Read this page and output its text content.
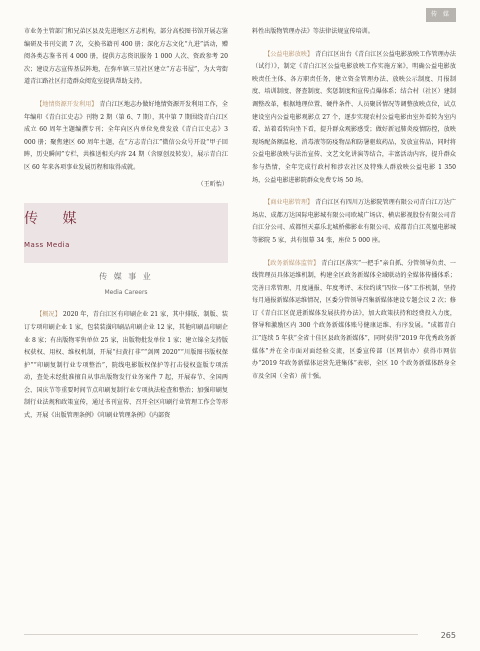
传 媒

市业务主管部门和兄弟区县及先进地区方志机构，部分高校图书馆开展志鉴编研及书刊交流 7 次，交换书籍刊 400 册；深化方志文化“九进”活动，赠阅各类志鉴书刊 4 000 册，提供方志资讯服务 1 000 人次、资政参考 20 次；建设方志宣传基层阵地，在弥牟镇三星社区建立“方志书屋”，为大弯街道青江路社区打造群众阅览室提供帮助支持。

【地情资源开发利用】 青白江区地志办做好地情资源开发利用工作，全年编印《青白江史志》刊物 2 期（第 6、7 期），其中第 7 期围绕青白江区成立 60 周年主题编撰专刊；全年向区内单位免费发放《青白江史志》3 000 册；聚焦建区 60 周年主题，在“方志青白江”微信公众号开设“甲子回眸，历史瞬间”专栏，共推送相关内容 24 期（含原创及转发），展示青白江区 60 年来各项事业发展历程和取得成就。

（王昕怡）
传 媒
Mass Media
传 媒 事 业
Media Careers

【概况】 2020 年，青白江区有印刷企业 21 家，其中排版、制版、装订专项印刷企业 1 家，包装装潢印刷品印刷企业 12 家，其他印刷品印刷企业 8 家；有出版物零售单位 25 家，出版物批发单位 1 家；建立锦全支持版权获权、用权、维权机制，开展“扫黄打非”“剑网 2020”“川版图书版权保护”“印刷复制行业专项整治”，院线电影版权保护等打击侵权盗版专项活动，查处未经批准擅自从事出版物发行业务案件 7 起，开展春节、全国两会、国庆节等重要时间节点印刷复制行业专项执法检查和整治；加强印刷复制行业法规和政策宣传，通过书刊宣传、召开全区印刷行业管理工作会等形式，开展《出版管理条例》《印刷业管理条例》《内部资

料性出版物管理办法》等法律法规宣传培训。

【公益电影放映】 青白江区出台《青白江区公益电影放映工作管理办法（试行）》，制定《青白江区公益电影放映工作实施方案》，明确公益电影放映责任主体、各方职责任务，建立资金管理办法、放映公示制度、月报制度、培训制度、督查制度、奖惩制度和宣传点爆体系；结合村（社区）建制调整改革，根据地理位置、硬件条件、人员聚居情况等调整放映点位，试点建设室内公益电影观影点 27 个，逐步实现农村公益电影由室外看转为室内看、站着看转向坐下看，提升群众观影感受；做好新冠肺炎疫情防控，放映现场配备额温枪、消毒液等防疫物品和防暑驱蚊药品，发放宣传品，同时将公益电影放映与法治宣传、文艺文化讲演等结合，丰富活动内容，提升群众参与热情，全年完成行政村和涉农社区及特殊人群放映公益电影 1 350 场，公益电影进影院群众免费专场 50 场。

【商业电影管理】 青白江区有四川万达影院管理有限公司青白江万达广场店、成都万达国际电影城有限公司欧城广场店、横店影视股份有限公司青白江分公司、成都恒天嘉乐北城桥佛影业有限公司、成都青白江英凰电影城等影院 5 家，共有银幕 34 张，座位 5 000 座。

【政务新媒体监管】 青白江区落实“一把手”亲自抓、分管领导负责、一线管理员具体运维机制，构建全区政务新媒体全域联动的全媒体传播体系；完善日常管理、月度通报、年度考评、末位约谈“四位一体”工作机制，坚持每月通报新媒体运维情况，区委分管领导召集新媒体建设专题会议 2 次；修订《青白江区促进新媒体发展扶持办法》，加大政策扶持和经费投入力度，督导和激励区内 300 个政务新媒体账号健康运维、有序发展。“成都青白江”连续 5 年获“全省十佳区县政务新媒体”，同时获得“2019 年优秀政务新媒体”并在全市面对面经验交流，区委宣传部（区网信办）获得市网信办“2019 年政务新媒体运营先进集体”表彰，全区 10 个政务新媒体跻身全市及全国（全省）前十强。

265
